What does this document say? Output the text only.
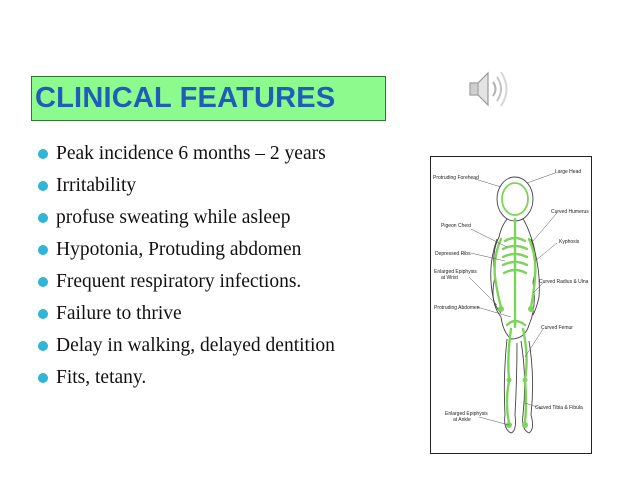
CLINICAL FEATURES
Peak incidence 6 months – 2 years
Irritability
profuse sweating while asleep
Hypotonia, Protuding abdomen
Frequent respiratory infections.
Failure to thrive
Delay in walking, delayed dentition
Fits, tetany.
Protruding Forehead
Large Head
Curved Humerus
Pigeon Chest
Kyphosis
Depressed Ribs
Enlarged Epiphysis
at Wrist
Curved Radius & Ulna
Protruding Abdomen
Curved Femur
Curved Tibia & Fibula
Enlarged Epiphysis
at Ankle
